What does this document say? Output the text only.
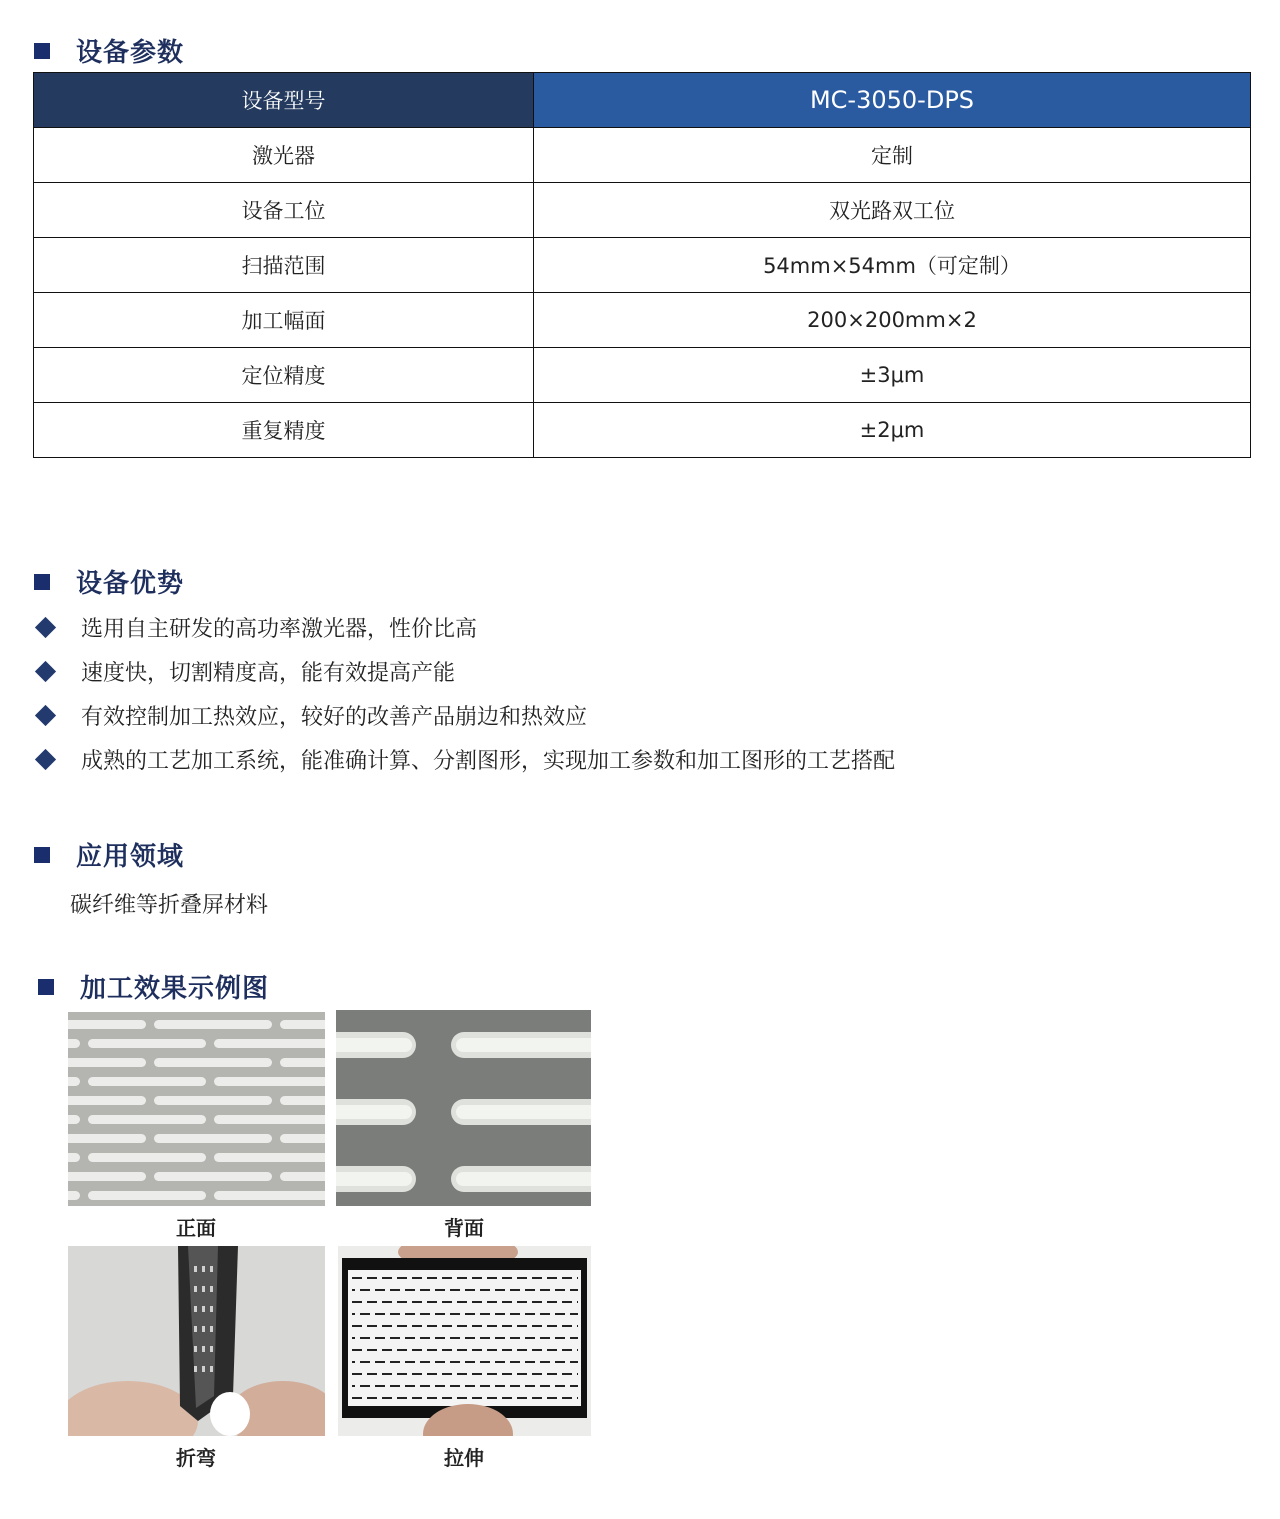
设备参数
设备型号	MC-3050-DPS
激光器	定制
设备工位	双光路双工位
扫描范围	54mm×54mm（可定制）
加工幅面	200×200mm×2
定位精度	±3μm
重复精度	±2μm
设备优势
选用自主研发的高功率激光器，性价比高
速度快，切割精度高，能有效提高产能
有效控制加工热效应，较好的改善产品崩边和热效应
成熟的工艺加工系统，能准确计算、分割图形，实现加工参数和加工图形的工艺搭配
应用领域
碳纤维等折叠屏材料
加工效果示例图
正面	背面
折弯	拉伸
